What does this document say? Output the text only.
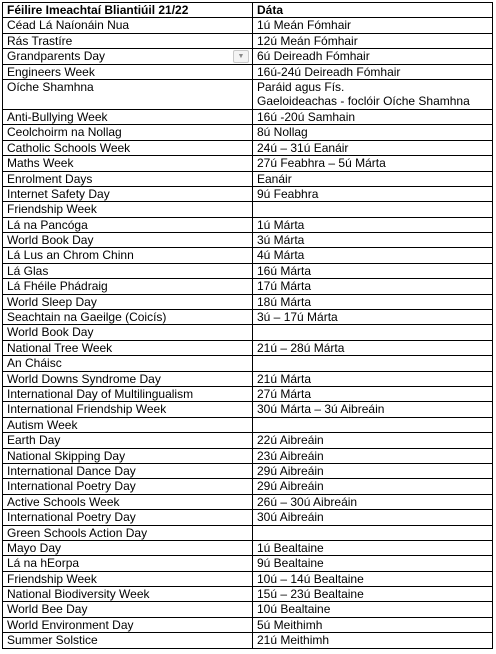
Féilire Imeachtaí Bliantiúil 21/22	Dáta
Céad Lá Naíonáin Nua	1ú Meán Fómhair

Rás Trastíre	12ú Meán Fómhair

Grandparents Day ▼	6ú Deireadh Fómhair

Engineers Week	16ú-24ú Deireadh Fómhair

Oíche Shamhna	Paráid agus Fís.
Gaeloideachas - foclóir Oíche Shamhna

Anti-Bullying Week	16ú -20ú Samhain

Ceolchoirm na Nollag	8ú Nollag

Catholic Schools Week	24ú – 31ú Eanáir

Maths Week	27ú Feabhra – 5ú Márta

Enrolment Days	Eanáir

Internet Safety Day	9ú Feabhra

Friendship Week	

Lá na Pancóga	1ú Márta

World Book Day	3ú Márta

Lá Lus an Chrom Chinn	4ú Márta

Lá Glas	16ú Márta

Lá Fhéile Phádraig	17ú Márta

World Sleep Day	18ú Márta

Seachtain na Gaeilge (Coicís)	3ú – 17ú Márta

World Book Day	

National Tree Week	21ú – 28ú Márta

An Cháisc	

World Downs Syndrome Day	21ú Márta

International Day of Multilingualism	27ú Márta

International Friendship Week	30ú Márta – 3ú Aibreáin

Autism Week	

Earth Day	22ú Aibreáin

National Skipping Day	23ú Aibreáin

International Dance Day	29ú Aibreáin

International Poetry Day	29ú Aibreáin

Active Schools Week	26ú – 30ú Aibreáin

International Poetry Day	30ú Aibreáin

Green Schools Action Day	

Mayo Day	1ú Bealtaine

Lá na hEorpa	9ú Bealtaine

Friendship Week	10ú – 14ú Bealtaine

National Biodiversity Week	15ú – 23ú Bealtaine

World Bee Day	10ú Bealtaine

World Environment Day	5ú Meithimh

Summer Solstice	21ú Meithimh
